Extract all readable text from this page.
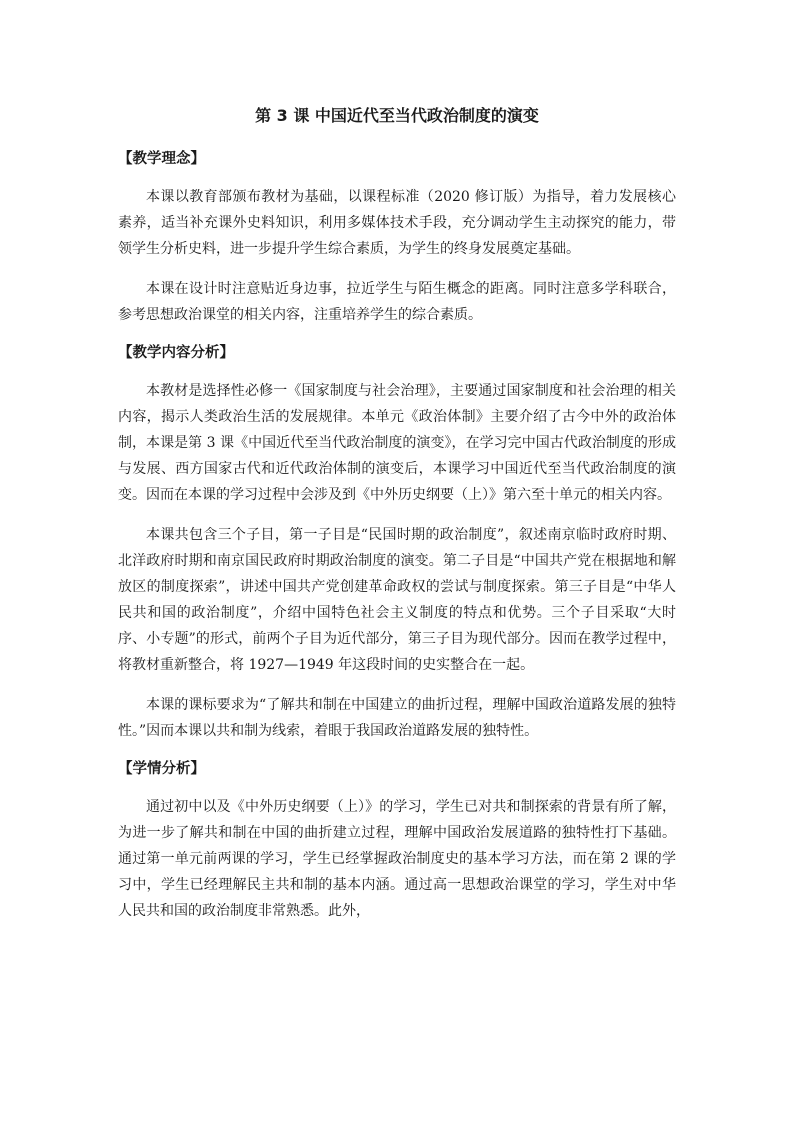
第 3 课 中国近代至当代政治制度的演变
【教学理念】

本课以教育部颁布教材为基础，以课程标准（2020 修订版）为指导，着力发展核心素养，适当补充课外史料知识，利用多媒体技术手段，充分调动学生主动探究的能力，带领学生分析史料，进一步提升学生综合素质，为学生的终身发展奠定基础。

本课在设计时注意贴近身边事，拉近学生与陌生概念的距离。同时注意多学科联合，参考思想政治课堂的相关内容，注重培养学生的综合素质。

【教学内容分析】

本教材是选择性必修一《国家制度与社会治理》，主要通过国家制度和社会治理的相关内容，揭示人类政治生活的发展规律。本单元《政治体制》主要介绍了古今中外的政治体制，本课是第 3 课《中国近代至当代政治制度的演变》，在学习完中国古代政治制度的形成与发展、西方国家古代和近代政治体制的演变后，本课学习中国近代至当代政治制度的演变。因而在本课的学习过程中会涉及到《中外历史纲要（上）》第六至十单元的相关内容。

本课共包含三个子目，第一子目是“民国时期的政治制度”，叙述南京临时政府时期、北洋政府时期和南京国民政府时期政治制度的演变。第二子目是“中国共产党在根据地和解放区的制度探索”，讲述中国共产党创建革命政权的尝试与制度探索。第三子目是“中华人民共和国的政治制度”，介绍中国特色社会主义制度的特点和优势。三个子目采取“大时序、小专题”的形式，前两个子目为近代部分，第三子目为现代部分。因而在教学过程中，将教材重新整合，将 1927—1949 年这段时间的史实整合在一起。

本课的课标要求为“了解共和制在中国建立的曲折过程，理解中国政治道路发展的独特性。”因而本课以共和制为线索，着眼于我国政治道路发展的独特性。

【学情分析】

通过初中以及《中外历史纲要（上）》的学习，学生已对共和制探索的背景有所了解，为进一步了解共和制在中国的曲折建立过程，理解中国政治发展道路的独特性打下基础。通过第一单元前两课的学习，学生已经掌握政治制度史的基本学习方法，而在第 2 课的学习中，学生已经理解民主共和制的基本内涵。通过高一思想政治课堂的学习，学生对中华人民共和国的政治制度非常熟悉。此外，
